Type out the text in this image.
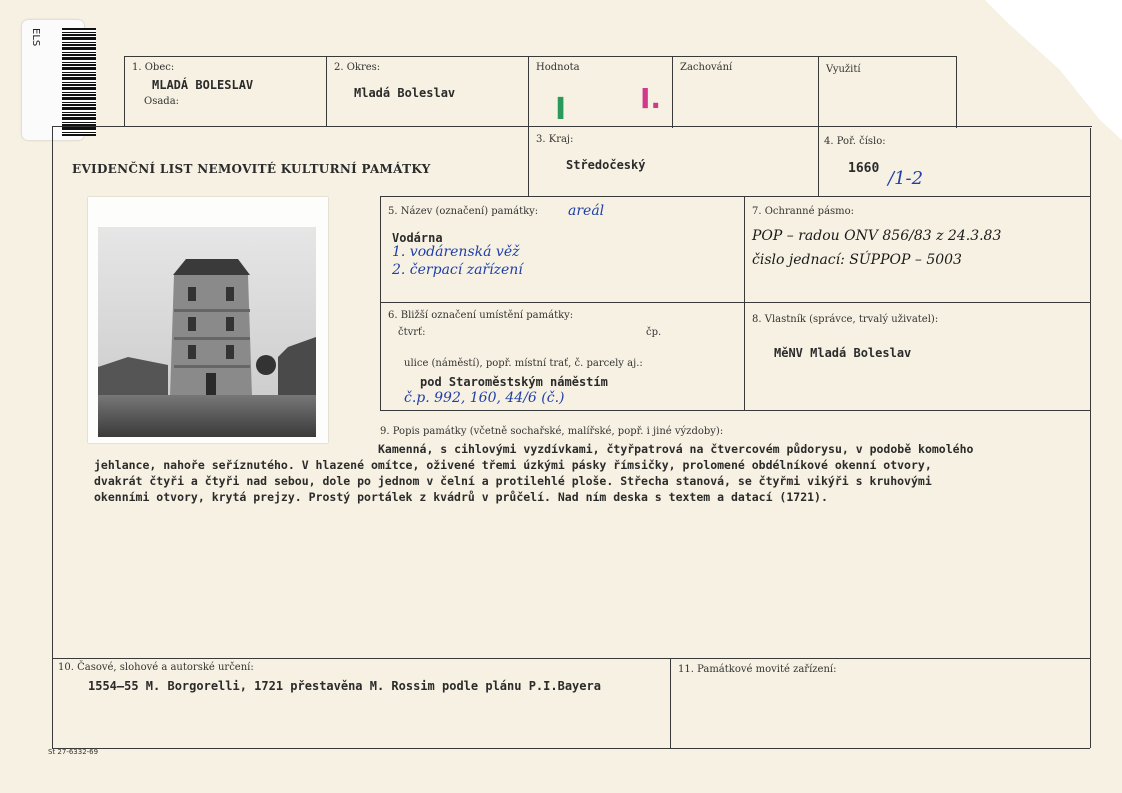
ELS
1. Obec:
MLADÁ BOLESLAV
Osada:
2. Okres:
Mladá Boleslav
Hodnota
I	I.
Zachování	Využití
EVIDENČNÍ LIST NEMOVITÉ KULTURNÍ PAMÁTKY
3. Kraj:
Středočeský
4. Poř. číslo:
1660 /1-2
5. Název (označení) památky: areál
Vodárna
1. vodárenská věž
2. čerpací zařízení
7. Ochranné pásmo:
POP – radou ONV 856/83 z 24.3.83
čislo jednací: SÚPPOP – 5003
6. Bližší označení umístění památky:
čtvrť:	čp.
ulice (náměstí), popř. místní trať, č. parcely aj.:
pod Staroměstským náměstím
č.p. 992, 160, 44/6 (č.)
8. Vlastník (správce, trvalý uživatel):
MěNV Mladá Boleslav
9. Popis památky (včetně sochařské, malířské, popř. i jiné výzdoby):

Kamenná, s cihlovými vyzdívkami, čtyřpatrová na čtvercovém půdorysu, v podobě komolého

jehlance, nahoře seříznutého. V hlazené omítce, oživené třemi úzkými pásky římsičky, prolomené obdélníkové okenní otvory,

dvakrát čtyři a čtyři nad sebou, dole po jednom v čelní a protilehlé ploše. Střecha stanová, se čtyřmi vikýři s kruhovými

okenními otvory, krytá prejzy. Prostý portálek z kvádrů v průčelí. Nad ním deska s textem a datací (1721).

10. Časové, slohové a autorské určení:
1554–55 M. Borgorelli, 1721 přestavěna M. Rossim podle plánu P.I.Bayera
11. Památkové movité zařízení:
St 27-6332-69
